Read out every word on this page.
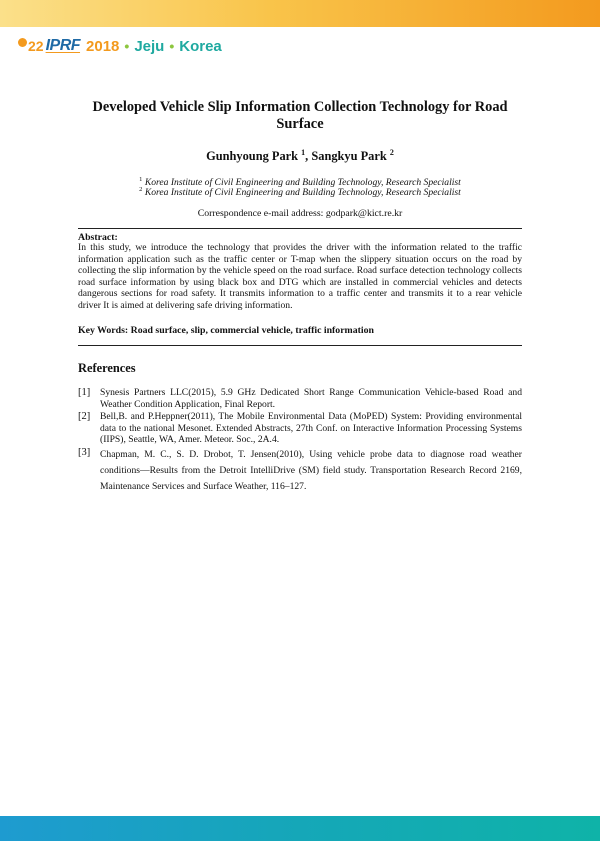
22 IPRF 2018 • Jeju • Korea
Developed Vehicle Slip Information Collection Technology for Road Surface
Gunhyoung Park $^1$, Sangkyu Park $^2$
$^1$ Korea Institute of Civil Engineering and Building Technology, Research Specialist
$^2$ Korea Institute of Civil Engineering and Building Technology, Research Specialist
Correspondence e-mail address: godpark@kict.re.kr
Abstract:
In this study, we introduce the technology that provides the driver with the information related to the traffic information application such as the traffic center or T-map when the slippery situation occurs on the road by collecting the slip information by the vehicle speed on the road surface. Road surface detection technology collects road surface information by using black box and DTG which are installed in commercial vehicles and detects dangerous sections for road safety. It transmits information to a traffic center and transmits it to a rear vehicle driver It is aimed at delivering safe driving information.
Key Words: Road surface, slip, commercial vehicle, traffic information
References
[1]	Synesis Partners LLC(2015), 5.9 GHz Dedicated Short Range Communication Vehicle-based Road and Weather Condition Application, Final Report.
[2]	Bell,B. and P.Heppner(2011), The Mobile Environmental Data (MoPED) System: Providing environmental data to the national Mesonet. Extended Abstracts, 27th Conf. on Interactive Information Processing Systems (IIPS), Seattle, WA, Amer. Meteor. Soc., 2A.4.
[3]	Chapman, M. C., S. D. Drobot, T. Jensen(2010), Using vehicle probe data to diagnose road weather conditions—Results from the Detroit IntelliDrive (SM) field study. Transportation Research Record 2169, Maintenance Services and Surface Weather, 116–127.
